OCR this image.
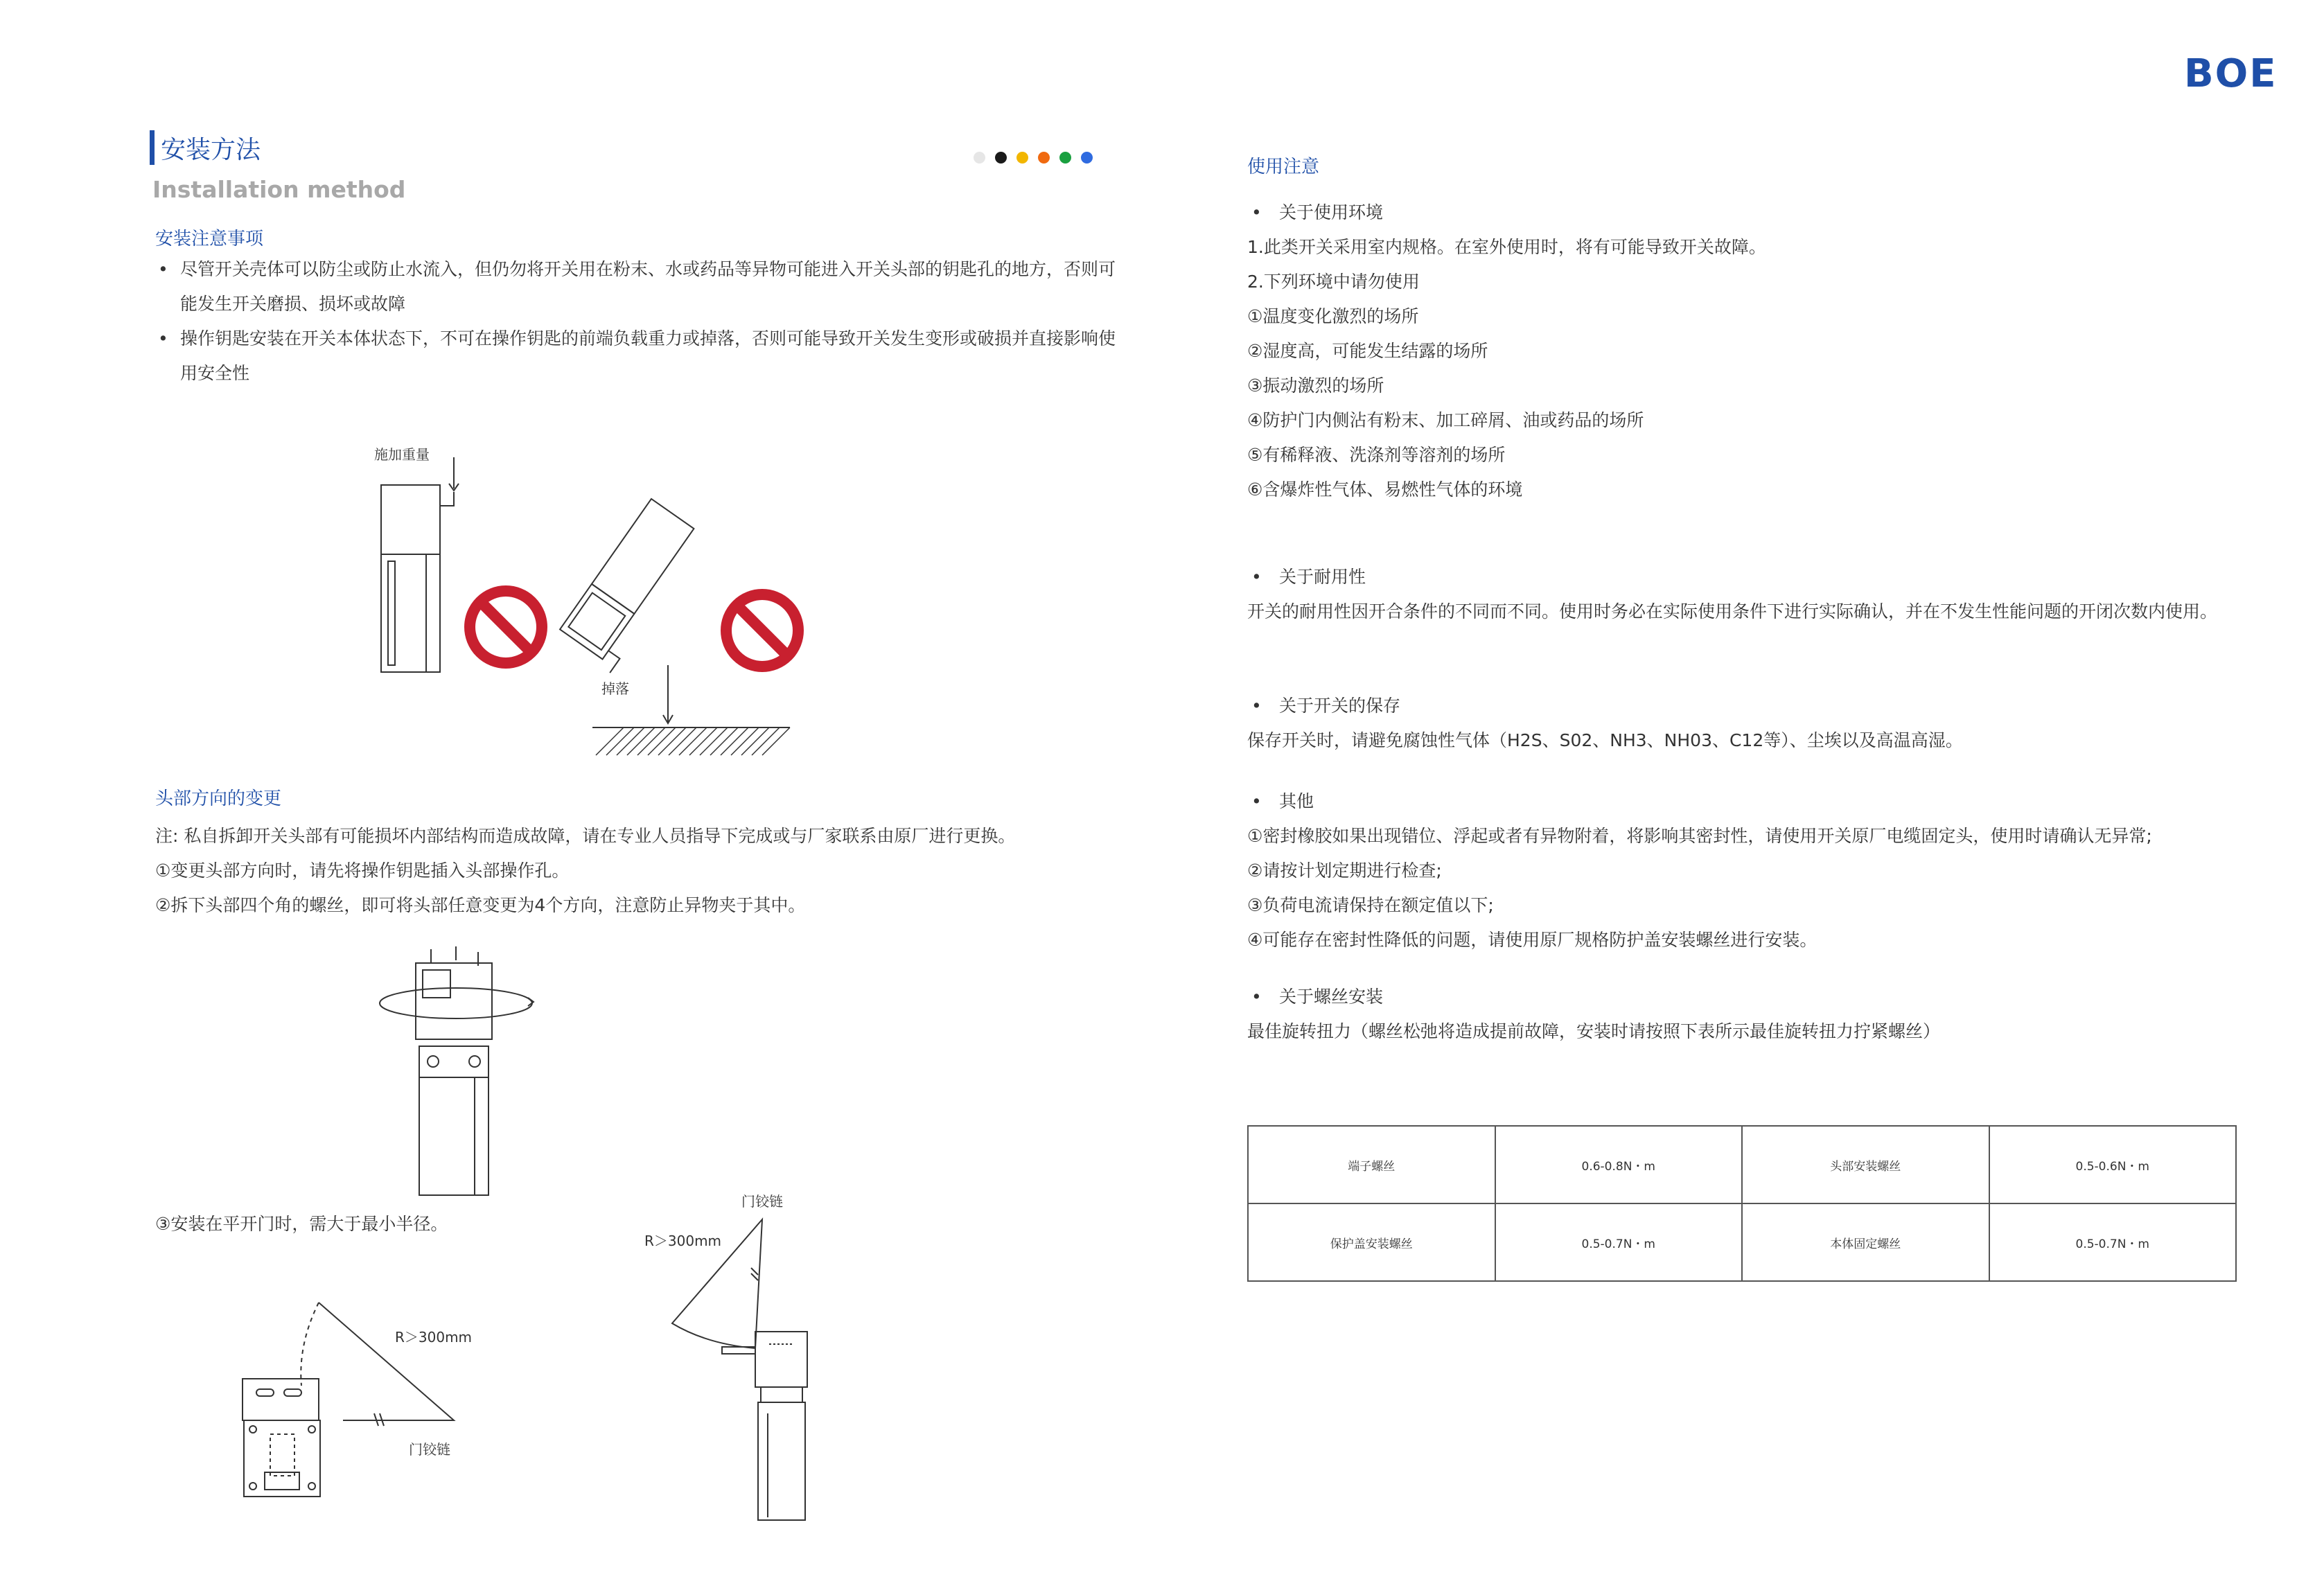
BOE
安装方法
Installation method
安装注意事项
• 尽管开关壳体可以防尘或防止水流入，但仍勿将开关用在粉末、水或药品等异物可能进入开关头部的钥匙孔的地方，否则可能发生开关磨损、损坏或故障
• 操作钥匙安装在开关本体状态下，不可在操作钥匙的前端负载重力或掉落，否则可能导致开关发生变形或破损并直接影响使用安全性
施加重量
掉落
头部方向的变更
注: 私自拆卸开关头部有可能损坏内部结构而造成故障，请在专业人员指导下完成或与厂家联系由原厂进行更换。
①变更头部方向时，请先将操作钥匙插入头部操作孔。
②拆下头部四个角的螺丝，即可将头部任意变更为4个方向，注意防止异物夹于其中。
③安装在平开门时，需大于最小半径。
门铰链
R＞300mm
R＞300mm
门铰链
使用注意
• 关于使用环境
1.此类开关采用室内规格。在室外使用时，将有可能导致开关故障。
2.下列环境中请勿使用
①温度变化激烈的场所
②湿度高，可能发生结露的场所
③振动激烈的场所
④防护门内侧沾有粉末、加工碎屑、油或药品的场所
⑤有稀释液、洗涤剂等溶剂的场所
⑥含爆炸性气体、易燃性气体的环境
• 关于耐用性
开关的耐用性因开合条件的不同而不同。使用时务必在实际使用条件下进行实际确认，并在不发生性能问题的开闭次数内使用。
• 关于开关的保存
保存开关时，请避免腐蚀性气体（H2S、S02、NH3、NH03、C12等）、尘埃以及高温高湿。
• 其他
①密封橡胶如果出现错位、浮起或者有异物附着，将影响其密封性，请使用开关原厂电缆固定头，使用时请确认无异常;
②请按计划定期进行检查;
③负荷电流请保持在额定值以下;
④可能存在密封性降低的问题，请使用原厂规格防护盖安装螺丝进行安装。
• 关于螺丝安装
最佳旋转扭力（螺丝松弛将造成提前故障，安装时请按照下表所示最佳旋转扭力拧紧螺丝）
端子螺丝	0.6-0.8N・m	头部安装螺丝	0.5-0.6N・m
保护盖安装螺丝	0.5-0.7N・m	本体固定螺丝	0.5-0.7N・m
